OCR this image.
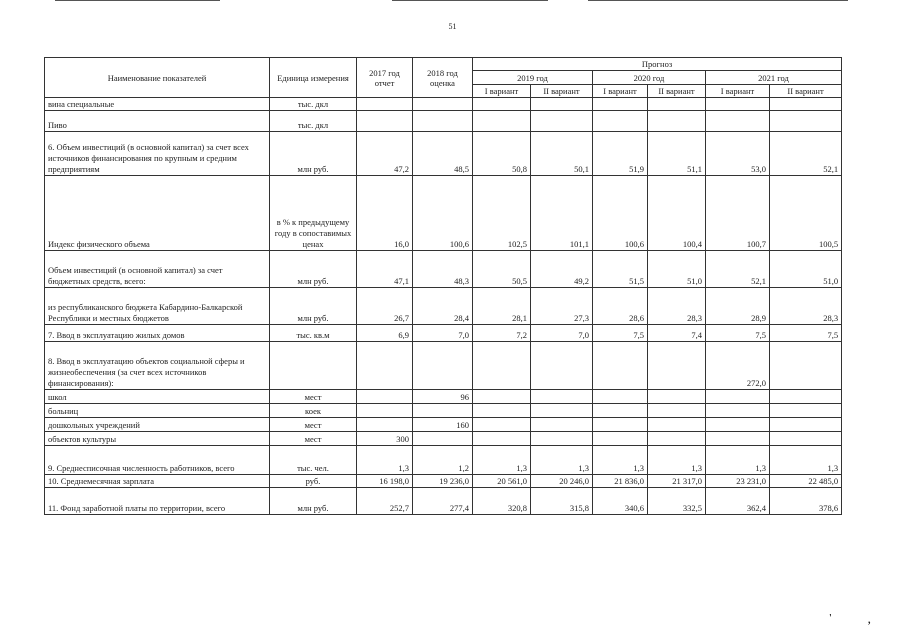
51
Наименование показателей	Единица измерения	2017 год отчет	2018 год оценка	Прогноз					
				2019 год		2020 год		2021 год	
				I вариант	II вариант	I вариант	II вариант	I вариант	II вариант
вина специальные	тыс. дкл								
Пиво	тыс. дкл								
6. Объем инвестиций (в основной капитал) за счет всех источников финансирования по крупным и средним предприятиям	млн руб.	47,2	48,5	50,8	50,1	51,9	51,1	53,0	52,1
Индекс физического объема	в % к предыдущему году в сопоставимых ценах	16,0	100,6	102,5	101,1	100,6	100,4	100,7	100,5
Объем инвестиций (в основной капитал) за счет бюджетных средств, всего:	млн руб.	47,1	48,3	50,5	49,2	51,5	51,0	52,1	51,0
из республиканского бюджета Кабардино-Балкарской Республики и местных бюджетов	млн руб.	26,7	28,4	28,1	27,3	28,6	28,3	28,9	28,3
7. Ввод в эксплуатацию жилых домов	тыс. кв.м	6,9	7,0	7,2	7,0	7,5	7,4	7,5	7,5
8. Ввод в эксплуатацию объектов социальной сферы и жизнеобеспечения (за счет всех источников финансирования):								272,0	
школ	мест		96						
больниц	коек								
дошкольных учреждений	мест		160						
объектов культуры	мест	300							
9. Среднесписочная численность работников, всего	тыс. чел.	1,3	1,2	1,3	1,3	1,3	1,3	1,3	1,3
10. Среднемесячная зарплата	руб.	16 198,0	19 236,0	20 561,0	20 246,0	21 836,0	21 317,0	23 231,0	22 485,0
11. Фонд заработной платы по территории, всего	млн руб.	252,7	277,4	320,8	315,8	340,6	332,5	362,4	378,6
'	,
